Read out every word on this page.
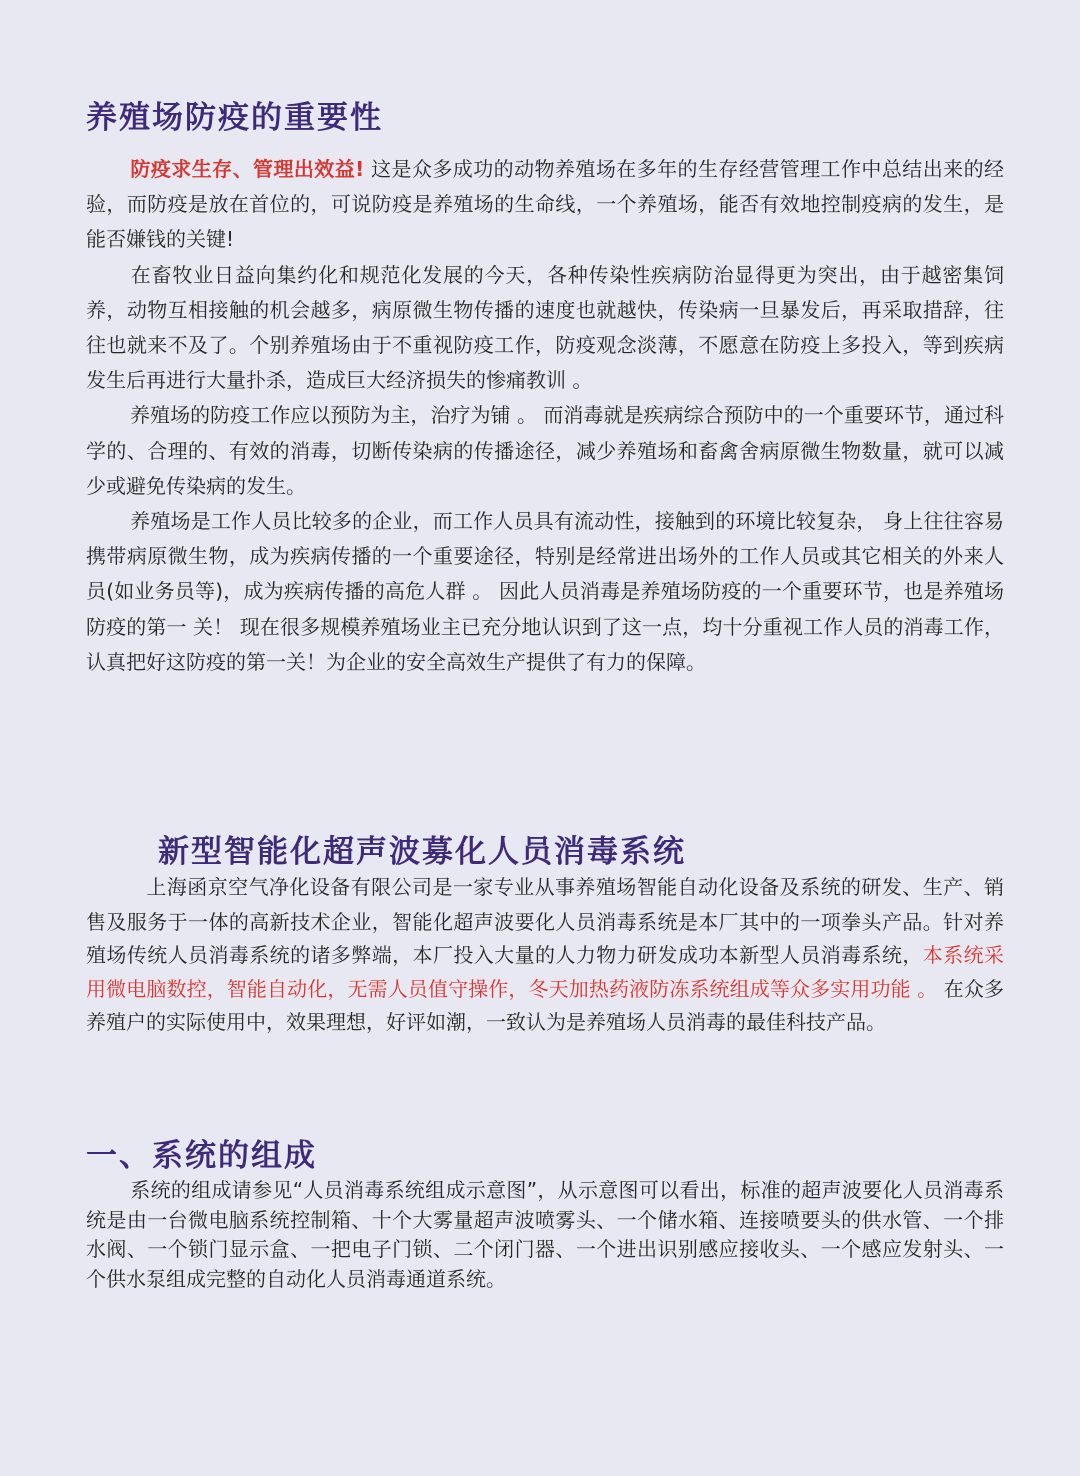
养殖场防疫的重要性
防疫求生存、管理出效益! 这是众多成功的动物养殖场在多年的生存经营管理工作中总结出来的经验，而防疫是放在首位的，可说防疫是养殖场的生命线，一个养殖场，能否有效地控制疫病的发生，是能否嫌钱的关键!
在畜牧业日益向集约化和规范化发展的今天，各种传染性疾病防治显得更为突出，由于越密集饲养，动物互相接触的机会越多，病原微生物传播的速度也就越快，传染病一旦暴发后，再采取措辞，往往也就来不及了。个别养殖场由于不重视防疫工作，防疫观念淡薄，不愿意在防疫上多投入，等到疾病发生后再进行大量扑杀，造成巨大经济损失的惨痛教训 。
养殖场的防疫工作应以预防为主，治疗为铺 。 而消毒就是疾病综合预防中的一个重要环节，通过科学的、合理的、有效的消毒，切断传染病的传播途径，减少养殖场和畜禽舍病原微生物数量，就可以减少或避免传染病的发生。
养殖场是工作人员比较多的企业，而工作人员具有流动性，接触到的环境比较复杂， 身上往往容易携带病原微生物，成为疾病传播的一个重要途径，特别是经常进出场外的工作人员或其它相关的外来人员(如业务员等)，成为疾病传播的高危人群 。 因此人员消毒是养殖场防疫的一个重要环节，也是养殖场防疫的第一 关！ 现在很多规模养殖场业主已充分地认识到了这一点，均十分重视工作人员的消毒工作，认真把好这防疫的第一关！为企业的安全高效生产提供了有力的保障。
新型智能化超声波募化人员消毒系统
上海函京空气净化设备有限公司是一家专业从事养殖场智能自动化设备及系统的研发、生产、销售及服务于一体的高新技术企业，智能化超声波要化人员消毒系统是本厂其中的一项拳头产品。针对养殖场传统人员消毒系统的诸多弊端，本厂投入大量的人力物力研发成功本新型人员消毒系统，本系统采用微电脑数控，智能自动化，无需人员值守操作，冬天加热药液防冻系统组成等众多实用功能 。 在众多养殖户的实际使用中，效果理想，好评如潮，一致认为是养殖场人员消毒的最佳科技产品。
一、系统的组成
系统的组成请参见“人员消毒系统组成示意图”，从示意图可以看出，标准的超声波要化人员消毒系统是由一台微电脑系统控制箱、十个大雾量超声波喷雾头、一个储水箱、连接喷要头的供水管、一个排水阀、一个锁门显示盒、一把电子门锁、二个闭门器、一个进出识别感应接收头、一个感应发射头、一个供水泵组成完整的自动化人员消毒通道系统。
